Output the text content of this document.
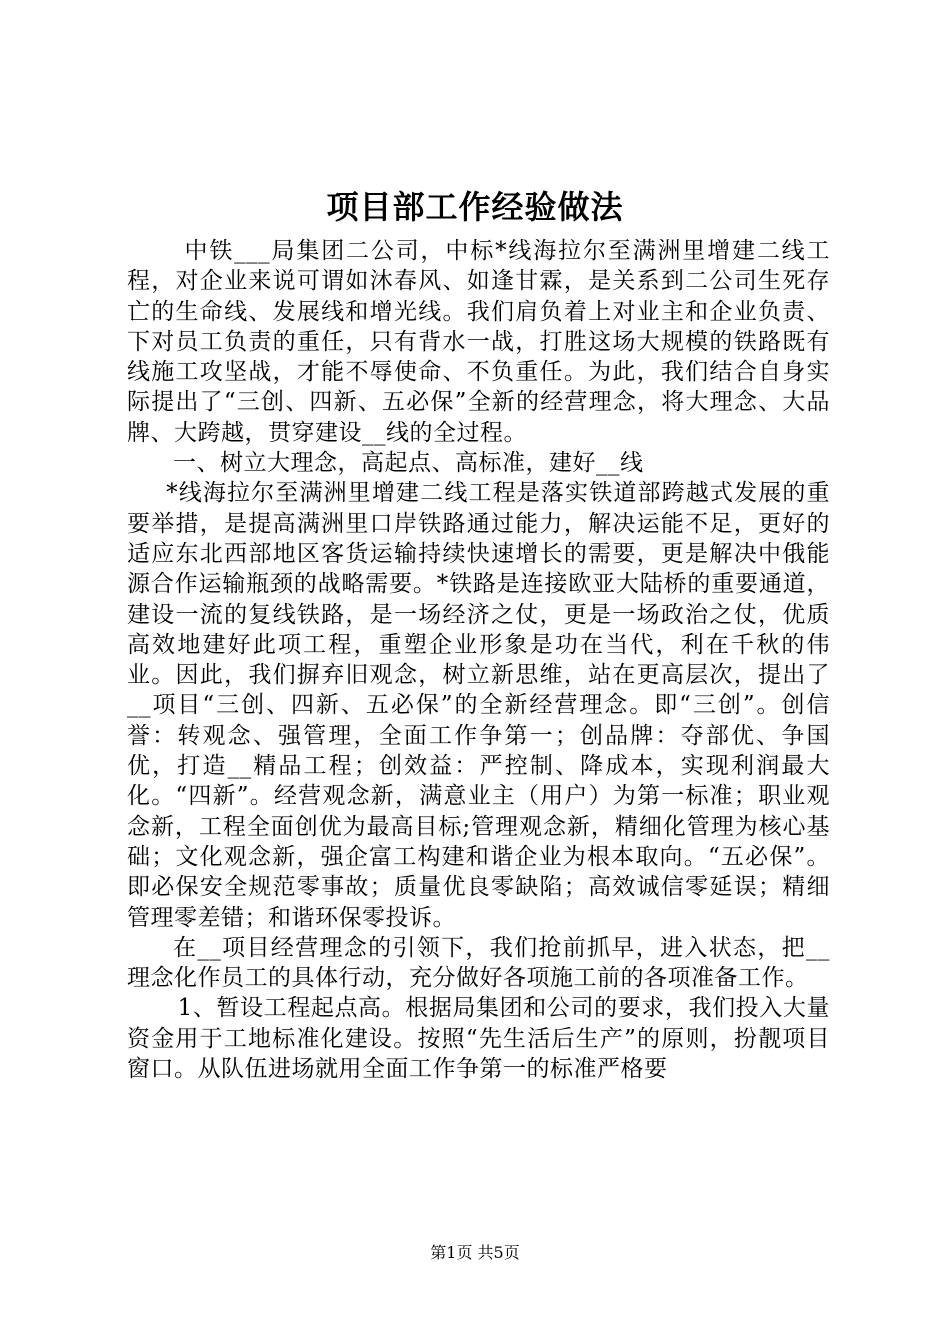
项目部工作经验做法

中铁___局集团二公司，中标*线海拉尔至满洲里增建二线工程，对企业来说可谓如沐春风、如逢甘霖，是关系到二公司生死存亡的生命线、发展线和增光线。我们肩负着上对业主和企业负责、下对员工负责的重任，只有背水一战，打胜这场大规模的铁路既有线施工攻坚战，才能不辱使命、不负重任。为此，我们结合自身实际提出了“三创、四新、五必保”全新的经营理念，将大理念、大品牌、大跨越，贯穿建设__线的全过程。

一、树立大理念，高起点、高标准，建好__线

*线海拉尔至满洲里增建二线工程是落实铁道部跨越式发展的重要举措，是提高满洲里口岸铁路通过能力，解决运能不足，更好的适应东北西部地区客货运输持续快速增长的需要，更是解决中俄能源合作运输瓶颈的战略需要。*铁路是连接欧亚大陆桥的重要通道，建设一流的复线铁路，是一场经济之仗，更是一场政治之仗，优质高效地建好此项工程，重塑企业形象是功在当代，利在千秋的伟业。因此，我们摒弃旧观念，树立新思维，站在更高层次，提出了__项目“三创、四新、五必保”的全新经营理念。即“三创”。创信誉：转观念、强管理，全面工作争第一；创品牌：夺部优、争国优，打造__精品工程；创效益：严控制、降成本，实现利润最大化。“四新”。经营观念新，满意业主（用户）为第一标准；职业观念新，工程全面创优为最高目标;管理观念新，精细化管理为核心基础；文化观念新，强企富工构建和谐企业为根本取向。“五必保”。即必保安全规范零事故；质量优良零缺陷；高效诚信零延误；精细管理零差错；和谐环保零投诉。

在__项目经营理念的引领下，我们抢前抓早，进入状态，把__理念化作员工的具体行动，充分做好各项施工前的各项准备工作。

1、暂设工程起点高。根据局集团和公司的要求，我们投入大量资金用于工地标准化建设。按照“先生活后生产”的原则，扮靓项目窗口。从队伍进场就用全面工作争第一的标准严格要

第1页 共5页
